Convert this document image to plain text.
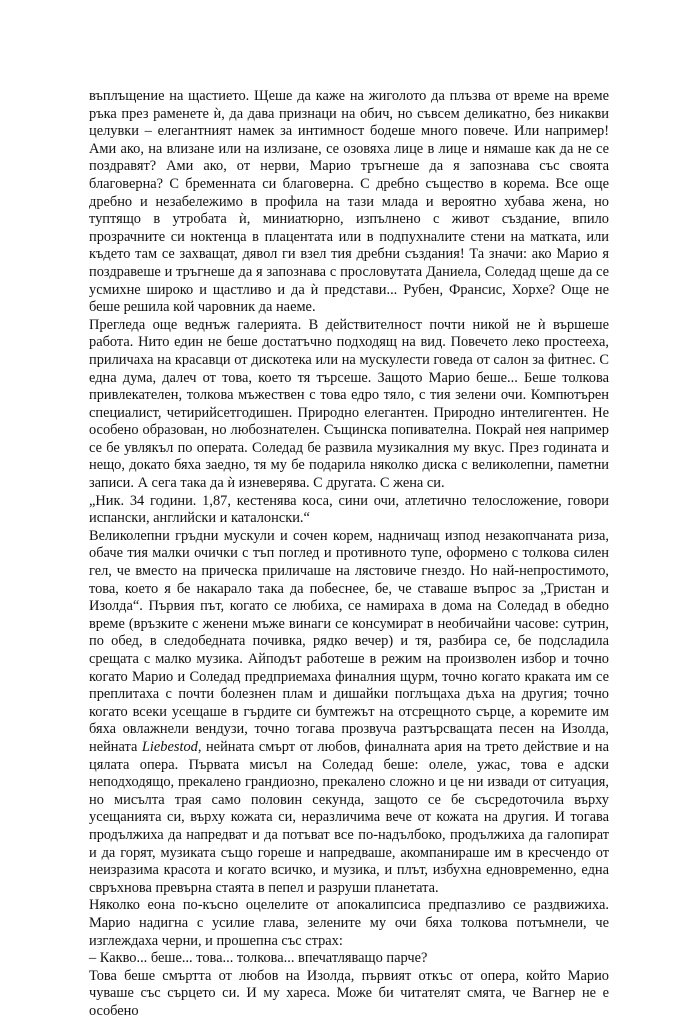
въплъщение на щастието. Щеше да каже на жиголото да плъзва от време на време ръка през раменете ѝ, да дава признаци на обич, но съвсем деликатно, без никакви целувки – елегантният намек за интимност бодеше много повече. Или например! Ами ако, на влизане или на излизане, се озовяха лице в лице и нямаше как да не се поздравят? Ами ако, от нерви, Марио тръгнеше да я запознава със своята благоверна? С бременната си благоверна. С дребно същество в корема. Все още дребно и незабележимо в профила на тази млада и вероятно хубава жена, но туптящо в утробата ѝ, миниатюрно, изпълнено с живот създание, впило прозрачните си ноктенца в плацентата или в подпухналите стени на матката, или където там се захващат, дявол ги взел тия дребни създания! Та значи: ако Марио я поздравеше и тръгнеше да я запознава с прословутата Даниела, Соледад щеше да се усмихне широко и щастливо и да ѝ представи... Рубен, Франсис, Хорхе? Още не беше решила кой чаровник да наеме.

Прегледа още веднъж галерията. В действителност почти никой не ѝ вършеше работа. Нито един не беше достатъчно подходящ на вид. Повечето леко простееха, приличаха на красавци от дискотека или на мускулести говеда от салон за фитнес. С една дума, далеч от това, което тя търсеше. Защото Марио беше... Беше толкова привлекателен, толкова мъжествен с това едро тяло, с тия зелени очи. Компютърен специалист, четирийсетгодишен. Природно елегантен. Природно интелигентен. Не особено образован, но любознателен. Същинска попивателна. Покрай нея например се бе увлякъл по операта. Соледад бе развила музикалния му вкус. През годината и нещо, докато бяха заедно, тя му бе подарила няколко диска с великолепни, паметни записи. А сега така да ѝ изневерява. С другата. С жена си.

„Ник. 34 години. 1,87, кестенява коса, сини очи, атлетично телосложение, говори испански, английски и каталонски.“

Великолепни гръдни мускули и сочен корем, надничащ изпод незакопчаната риза, обаче тия малки очички с тъп поглед и противното тупе, оформено с толкова силен гел, че вместо на прическа приличаше на лястовиче гнездо. Но най-непростимото, това, което я бе накарало така да побеснее, бе, че ставаше въпрос за „Тристан и Изолда“. Първия път, когато се любиха, се намираха в дома на Соледад в обедно време (връзките с женени мъже винаги се консумират в необичайни часове: сутрин, по обед, в следобедната почивка, рядко вечер) и тя, разбира се, бе подсладила срещата с малко музика. Айподът работеше в режим на произволен избор и точно когато Марио и Соледад предприемаха финалния щурм, точно когато краката им се преплитаха с почти болезнен плам и дишайки поглъщаха дъха на другия; точно когато всеки усещаше в гърдите си бумтежът на отсрещното сърце, а коремите им бяха овлажнели вендузи, точно тогава прозвуча разтърсващата песен на Изолда, нейната Liebestod, нейната смърт от любов, финалната ария на трето действие и на цялата опера. Първата мисъл на Соледад беше: олеле, ужас, това е адски неподходящо, прекалено грандиозно, прекалено сложно и це ни извади от ситуация, но мисълта трая само половин секунда, защото се бе съсредоточила върху усещанията си, върху кожата си, неразличима вече от кожата на другия. И тогава продължиха да напредват и да потъват все по-надълбоко, продължиха да галопират и да горят, музиката също гореше и напредваше, акомпанираше им в кресчендо от неизразима красота и когато всичко, и музика, и плът, избухна едновременно, една свръхнова превърна стаята в пепел и разруши планетата.

Няколко еона по-късно оцелелите от апокалипсиса предпазливо се раздвижиха. Марио надигна с усилие глава, зелените му очи бяха толкова потъмнели, че изглеждаха черни, и прошепна със страх:

– Какво... беше... това... толкова... впечатляващо парче?

Това беше смъртта от любов на Изолда, първият откъс от опера, който Марио чуваше със сърцето си. И му хареса. Може би читателят смята, че Вагнер не е особено
